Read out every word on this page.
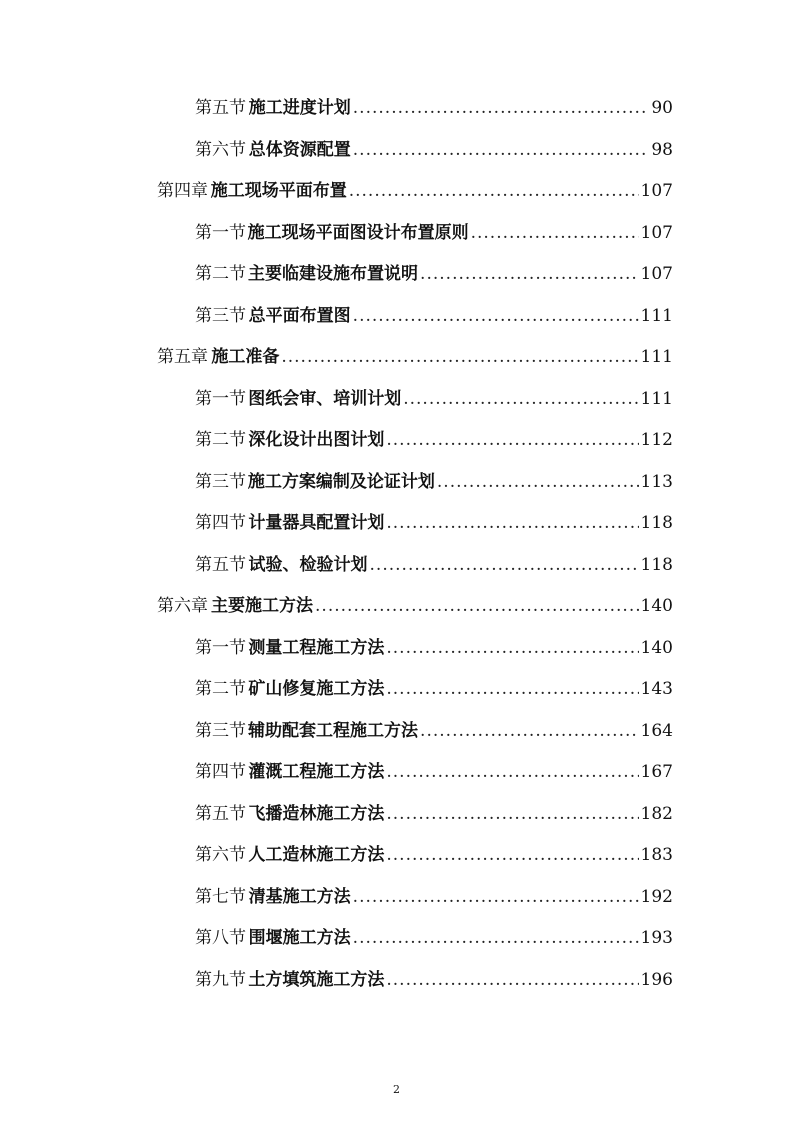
第五节 施工进度计划 .....	90
第六节 总体资源配置 .....	98
第四章 施工现场平面布置 .....	107
第一节 施工现场平面图设计布置原则 .....	107
第二节 主要临建设施布置说明 .....	107
第三节 总平面布置图 .....	111
第五章 施工准备 .....	111
第一节 图纸会审、培训计划 .....	111
第二节 深化设计出图计划 .....	112
第三节 施工方案编制及论证计划 .....	113
第四节 计量器具配置计划 .....	118
第五节 试验、检验计划 .....	118
第六章 主要施工方法 .....	140
第一节 测量工程施工方法 .....	140
第二节 矿山修复施工方法 .....	143
第三节 辅助配套工程施工方法 .....	164
第四节 灌溉工程施工方法 .....	167
第五节 飞播造林施工方法 .....	182
第六节 人工造林施工方法 .....	183
第七节 清基施工方法 .....	192
第八节 围堰施工方法 .....	193
第九节 土方填筑施工方法 .....	196
2
